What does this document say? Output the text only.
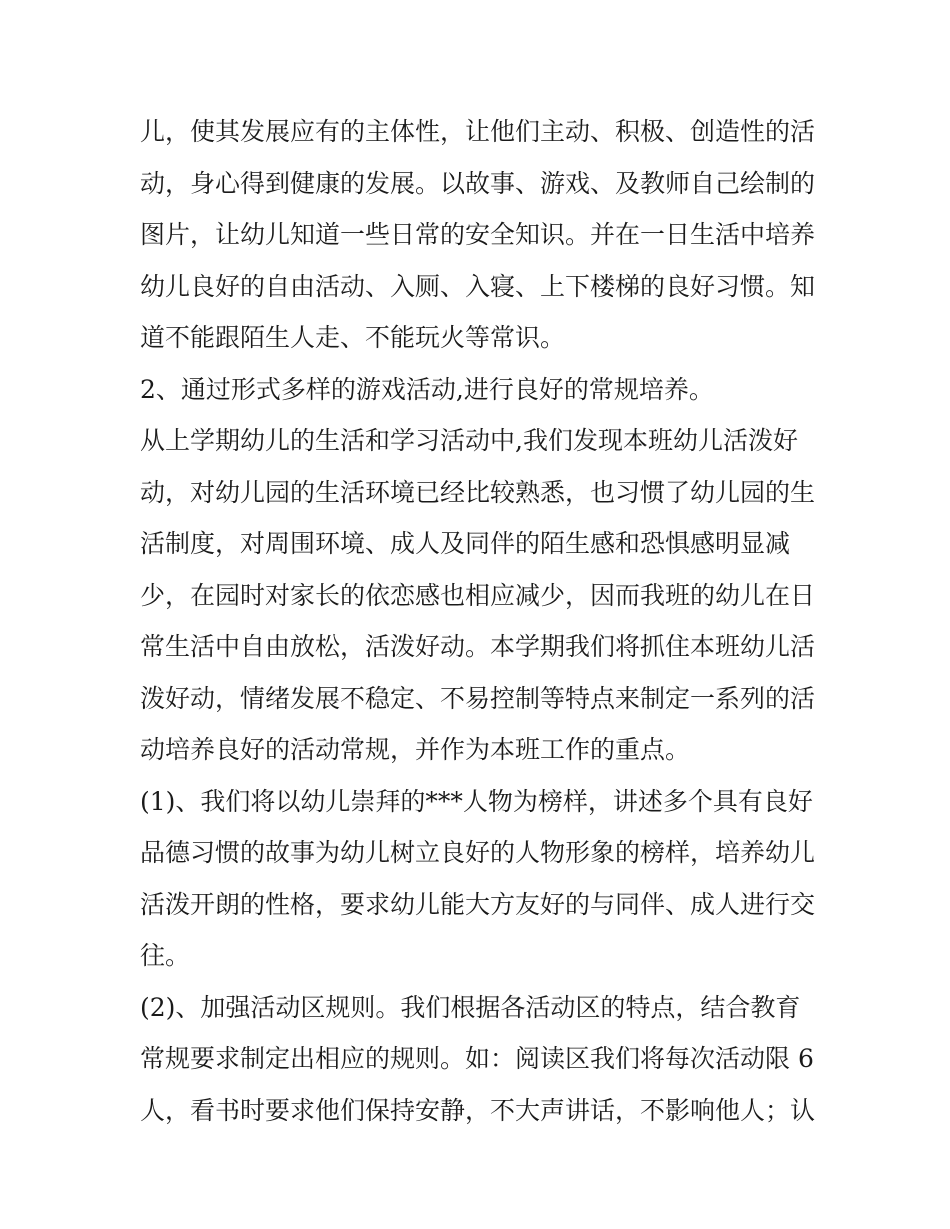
儿，使其发展应有的主体性，让他们主动、积极、创造性的活
动，身心得到健康的发展。以故事、游戏、及教师自己绘制的
图片，让幼儿知道一些日常的安全知识。并在一日生活中培养
幼儿良好的自由活动、入厕、入寝、上下楼梯的良好习惯。知
道不能跟陌生人走、不能玩火等常识。
2、通过形式多样的游戏活动,进行良好的常规培养。
从上学期幼儿的生活和学习活动中,我们发现本班幼儿活泼好
动，对幼儿园的生活环境已经比较熟悉，也习惯了幼儿园的生
活制度，对周围环境、成人及同伴的陌生感和恐惧感明显减
少，在园时对家长的依恋感也相应减少，因而我班的幼儿在日
常生活中自由放松，活泼好动。本学期我们将抓住本班幼儿活
泼好动，情绪发展不稳定、不易控制等特点来制定一系列的活
动培养良好的活动常规，并作为本班工作的重点。
(1)、我们将以幼儿崇拜的***人物为榜样，讲述多个具有良好
品德习惯的故事为幼儿树立良好的人物形象的榜样，培养幼儿
活泼开朗的性格，要求幼儿能大方友好的与同伴、成人进行交
往。
(2)、加强活动区规则。我们根据各活动区的特点，结合教育
常规要求制定出相应的规则。如：阅读区我们将每次活动限 6
人，看书时要求他们保持安静，不大声讲话，不影响他人；认
